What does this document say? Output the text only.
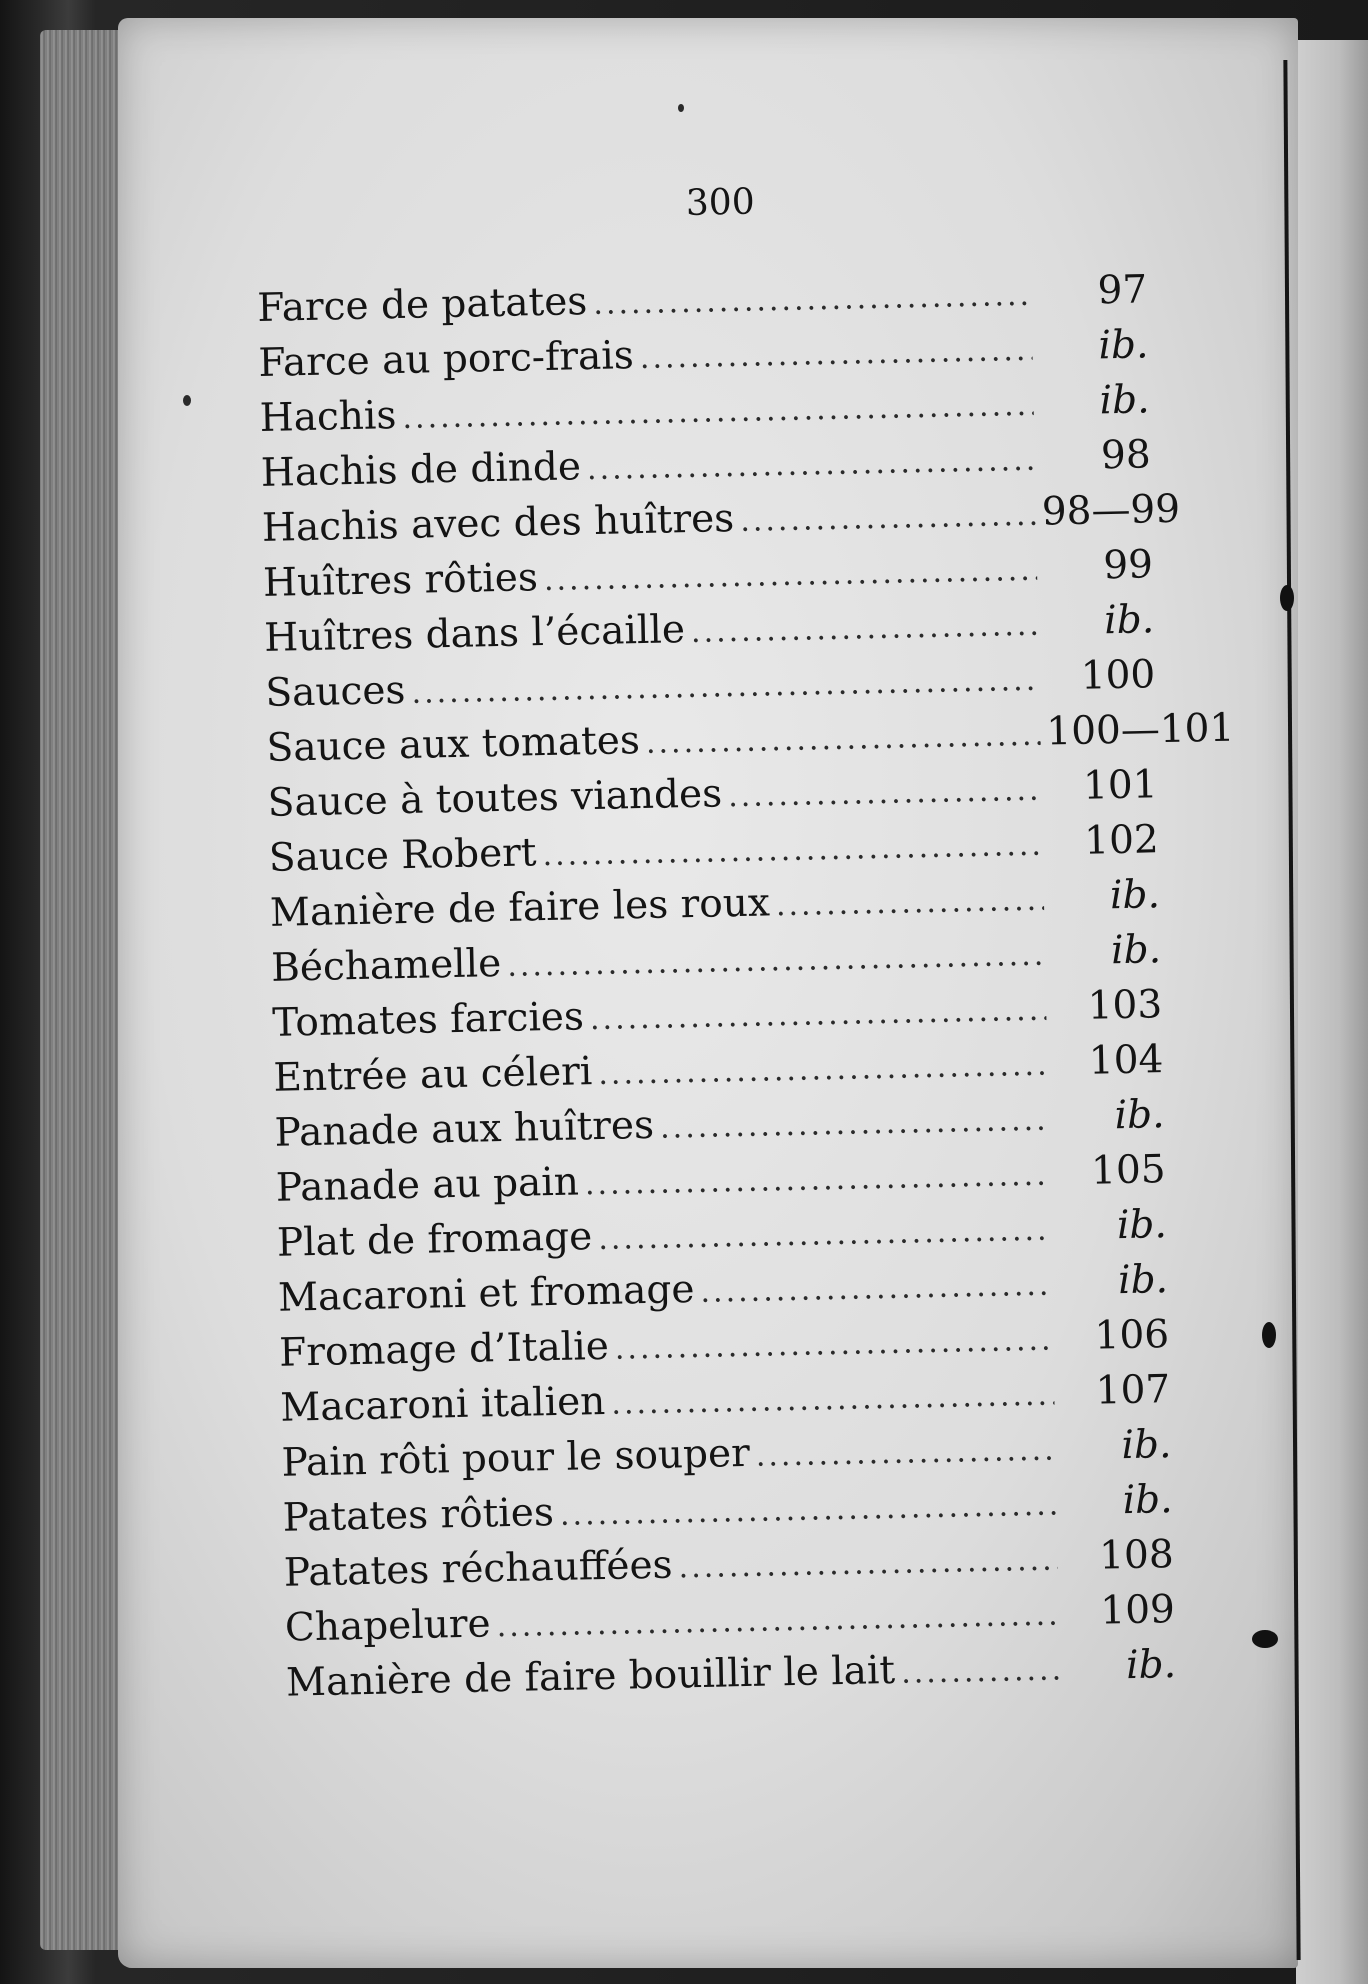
300
Farce de patates .....	97
Farce au porc-frais .....	ib.
Hachis .....	ib.
Hachis de dinde .....	98
Hachis avec des huîtres .....	98—99
Huîtres rôties .....	99
Huîtres dans l’écaille .....	ib.
Sauces .....	100
Sauce aux tomates .....	100—101
Sauce à toutes viandes .....	101
Sauce Robert .....	102
Manière de faire les roux .....	ib.
Béchamelle .....	ib.
Tomates farcies .....	103
Entrée au céleri .....	104
Panade aux huîtres .....	ib.
Panade au pain .....	105
Plat de fromage .....	ib.
Macaroni et fromage .....	ib.
Fromage d’Italie .....	106
Macaroni italien .....	107
Pain rôti pour le souper .....	ib.
Patates rôties .....	ib.
Patates réchauffées .....	108
Chapelure .....	109
Manière de faire bouillir le lait .....	ib.
